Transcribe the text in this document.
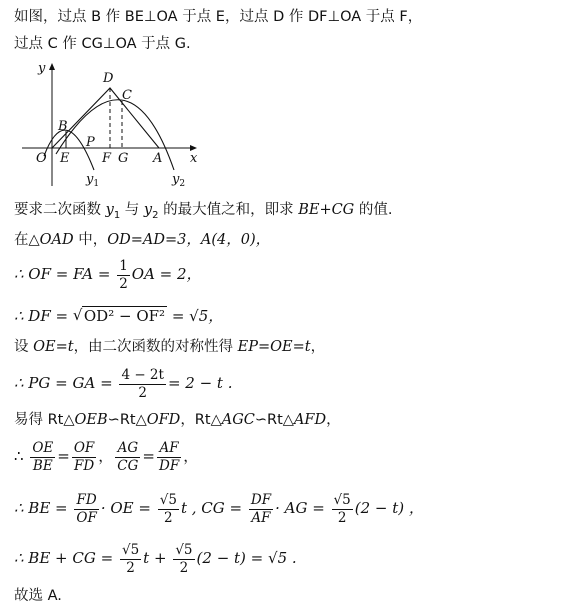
如图，过点 B 作 BE⊥OA 于点 E，过点 D 作 DF⊥OA 于点 F，
过点 C 作 CG⊥OA 于点 G.
y
x
O E
B
P
D
C
F G A
$y_1$	$y_2$
要求二次函数 $y_1$ 与 $y_2$ 的最大值之和，即求 BE+CG 的值.
在△OAD 中，OD=AD=3，A(4，0)，
∴ OF = FA = $\frac{1}{2}$ OA = 2，
∴ DF = √ OD² − OF² = √5，
设 OE=t，由二次函数的对称性得 EP=OE=t，
∴ PG = GA = $\frac{4 - 2t}{2} = 2 - t$ .
易得 Rt△OEB∽Rt△OFD，Rt△AGC∽Rt△AFD，
∴ $\frac{OE}{BE} = \frac{OF}{FD}$ ， $\frac{AG}{CG} = \frac{AF}{DF}$ ，
∴ BE = $\frac{FD}{OF}$ · OE = $\frac{√5}{2}$ t , CG = $\frac{DF}{AF}$ · AG = $\frac{√5}{2} (2 - t)$ ，
∴ BE + CG = $\frac{√5}{2}$ $t + \frac{√5}{2} (2 - t) = √5$ .
故选 A.
